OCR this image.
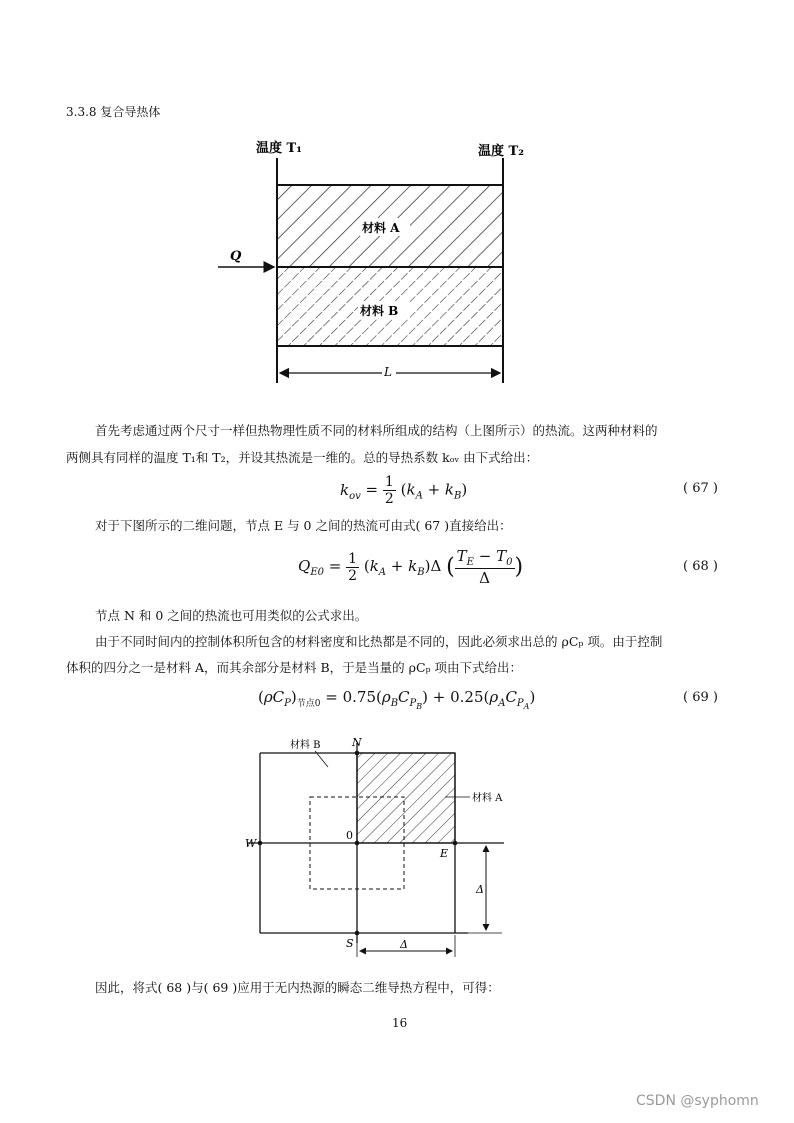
3.3.8 复合导热体
材料 A
材料 B
温度 T₁	温度 T₂
Q
L
首先考虑通过两个尺寸一样但热物理性质不同的材料所组成的结构（上图所示）的热流。这两种材料的
两侧具有同样的温度 T₁和 T₂，并设其热流是一维的。总的导热系数 kₒᵥ 由下式给出：
$k_{ov} = \frac{1}{2} (k_A + k_B)$	( 67 )
对于下图所示的二维问题，节点 E 与 0 之间的热流可由式( 67 )直接给出：
$Q_{E0} = \frac{1}{2} (k_A + k_B)\Delta$ ( $\frac{T_E - T_0}{\Delta}$ )	( 68 )
节点 N 和 0 之间的热流也可用类似的公式求出。
由于不同时间内的控制体积所包含的材料密度和比热都是不同的，因此必须求出总的 ρCₚ 项。由于控制
体积的四分之一是材料 A，而其余部分是材料 B，于是当量的 ρCₚ 项由下式给出：
$(\rho C_P)_{节点0} = 0.75(\rho_BC_{P_B}) + 0.25(\rho_AC_{P_A})$	( 69 )
N
S
W
E
0
材料 B
材料 A
Δ
Δ
因此，将式( 68 )与( 69 )应用于无内热源的瞬态二维导热方程中，可得：
16
CSDN @syphomn
